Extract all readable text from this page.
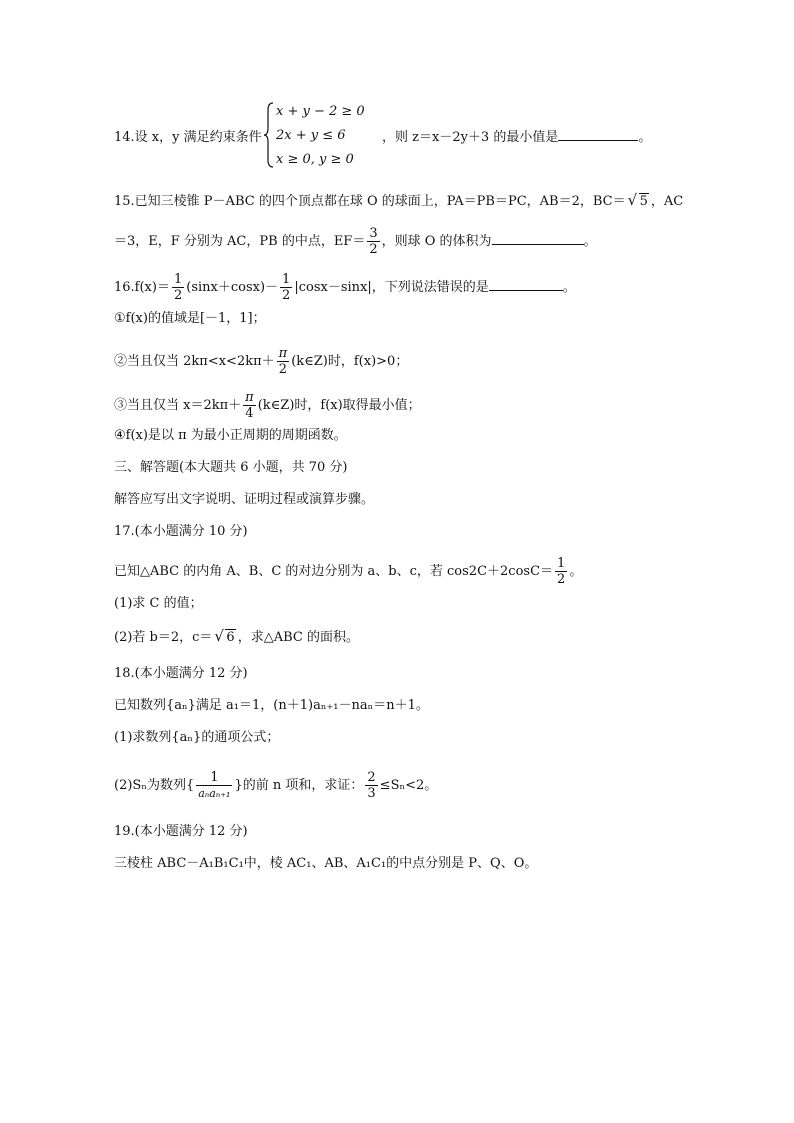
14.设 x，y 满足约束条件
x + y − 2 ≥ 0
2x + y ≤ 6
x ≥ 0, y ≥ 0
，则 z＝x－2y＋3 的最小值是	。
15.已知三棱锥 P－ABC 的四个顶点都在球 O 的球面上，PA＝PB＝PC，AB＝2，BC＝ √ 5 ，AC
＝3，E，F 分别为 AC，PB 的中点，$EF= \frac{3}{2}$ ，则球 O 的体积为	。
$16.f(x)= \frac{1}{2} (\sin x+\cos x)- \frac{1}{2} |\cos x-\sin x|$，下列说法错误的是	。
①f(x)的值域是[－1，1]；
②当且仅当 $2k\pi<x<2k\pi+ \frac{\pi}{2}$ (k∈Z)时，f(x)>0；
③当且仅当 $x=2k\pi+ \frac{\pi}{4}$ (k∈Z)时，f(x)取得最小值；
④f(x)是以 π 为最小正周期的周期函数。
三、解答题(本大题共 6 小题，共 70 分)
解答应写出文字说明、证明过程或演算步骤。
17.(本小题满分 10 分)
已知△ABC 的内角 A、B、C 的对边分别为 a、b、c，若 $\cos 2C+2\cos C= \frac{1}{2}$ 。
(1)求 C 的值；
(2)若 b＝2，c＝ √ 6 ，求△ABC 的面积。
18.(本小题满分 12 分)
已知数列{aₙ}满足 a₁＝1，(n＋1)aₙ₊₁－naₙ＝n＋1。
(1)求数列{aₙ}的通项公式；
(2)Sₙ为数列{ $\frac{1}{\text{aₙaₙ₊₁}}$ }的前 n 项和，求证： $\frac{2}{3} \le S_n<2$。
19.(本小题满分 12 分)
三棱柱 ABC－A₁B₁C₁中，棱 AC₁、AB、A₁C₁的中点分别是 P、Q、O。
